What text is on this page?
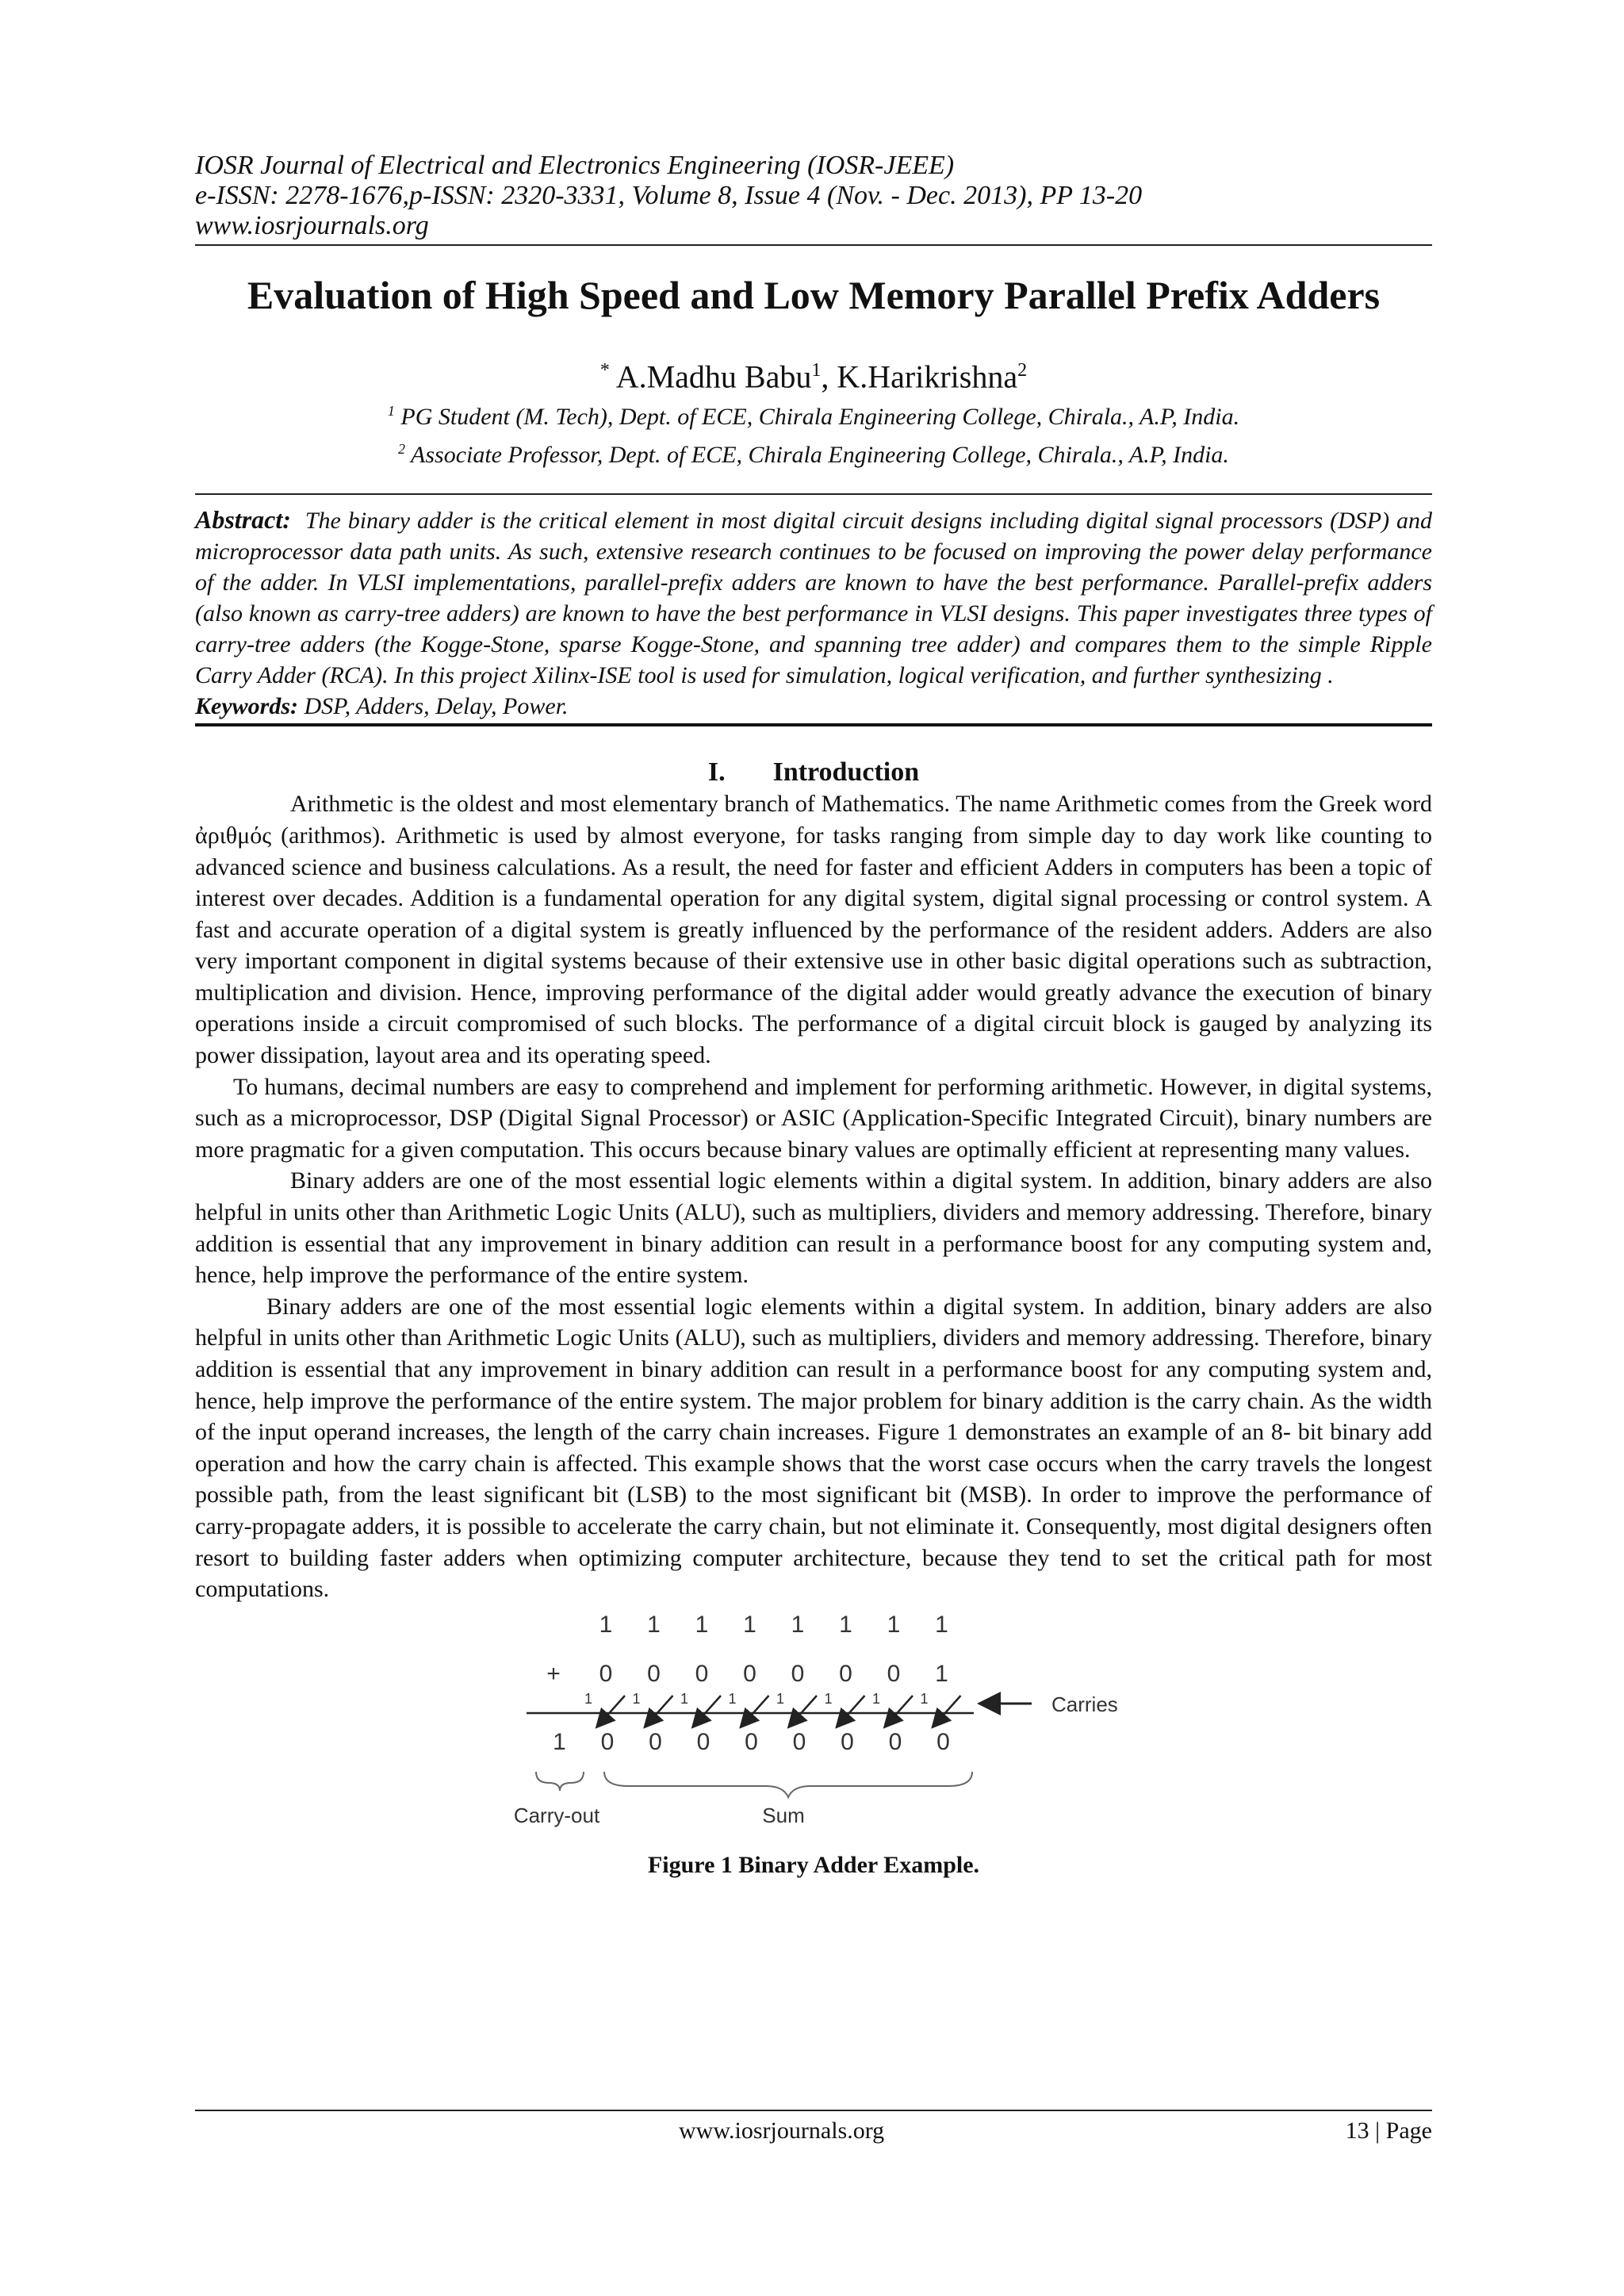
IOSR Journal of Electrical and Electronics Engineering (IOSR-JEEE)
e-ISSN: 2278-1676,p-ISSN: 2320-3331, Volume 8, Issue 4 (Nov. - Dec. 2013), PP 13-20
www.iosrjournals.org
Evaluation of High Speed and Low Memory Parallel Prefix Adders
* A.Madhu Babu$^1$, K.Harikrishna$^2$
$^1$ PG Student (M. Tech), Dept. of ECE, Chirala Engineering College, Chirala., A.P, India.
$^2$ Associate Professor, Dept. of ECE, Chirala Engineering College, Chirala., A.P, India.
Abstract: The binary adder is the critical element in most digital circuit designs including digital signal processors (DSP) and microprocessor data path units. As such, extensive research continues to be focused on improving the power delay performance of the adder. In VLSI implementations, parallel-prefix adders are known to have the best performance. Parallel-prefix adders (also known as carry-tree adders) are known to have the best performance in VLSI designs. This paper investigates three types of carry-tree adders (the Kogge-Stone, sparse Kogge-Stone, and spanning tree adder) and compares them to the simple Ripple Carry Adder (RCA). In this project Xilinx-ISE tool is used for simulation, logical verification, and further synthesizing .
Keywords: DSP, Adders, Delay, Power.
I. Introduction

Arithmetic is the oldest and most elementary branch of Mathematics. The name Arithmetic comes from the Greek word ἀριθμός (arithmos). Arithmetic is used by almost everyone, for tasks ranging from simple day to day work like counting to advanced science and business calculations. As a result, the need for faster and efficient Adders in computers has been a topic of interest over decades. Addition is a fundamental operation for any digital system, digital signal processing or control system. A fast and accurate operation of a digital system is greatly influenced by the performance of the resident adders. Adders are also very important component in digital systems because of their extensive use in other basic digital operations such as subtraction, multiplication and division. Hence, improving performance of the digital adder would greatly advance the execution of binary operations inside a circuit compromised of such blocks. The performance of a digital circuit block is gauged by analyzing its power dissipation, layout area and its operating speed.

To humans, decimal numbers are easy to comprehend and implement for performing arithmetic. However, in digital systems, such as a microprocessor, DSP (Digital Signal Processor) or ASIC (Application-Specific Integrated Circuit), binary numbers are more pragmatic for a given computation. This occurs because binary values are optimally efficient at representing many values.

Binary adders are one of the most essential logic elements within a digital system. In addition, binary adders are also helpful in units other than Arithmetic Logic Units (ALU), such as multipliers, dividers and memory addressing. Therefore, binary addition is essential that any improvement in binary addition can result in a performance boost for any computing system and, hence, help improve the performance of the entire system.

Binary adders are one of the most essential logic elements within a digital system. In addition, binary adders are also helpful in units other than Arithmetic Logic Units (ALU), such as multipliers, dividers and memory addressing. Therefore, binary addition is essential that any improvement in binary addition can result in a performance boost for any computing system and, hence, help improve the performance of the entire system. The major problem for binary addition is the carry chain. As the width of the input operand increases, the length of the carry chain increases. Figure 1 demonstrates an example of an 8- bit binary add operation and how the carry chain is affected. This example shows that the worst case occurs when the carry travels the longest possible path, from the least significant bit (LSB) to the most significant bit (MSB). In order to improve the performance of carry-propagate adders, it is possible to accelerate the carry chain, but not eliminate it. Consequently, most digital designers often resort to building faster adders when optimizing computer architecture, because they tend to set the critical path for most computations.

1 1 1 1 1 1 1 1
+ 0 0 0 0 0 0 0 1
1	1	1	1	1	1	1	1
1 0 0 0 0 0 0 0 0
Carries
Carry-out	Sum
Figure 1 Binary Adder Example.
www.iosrjournals.org	13 | Page
